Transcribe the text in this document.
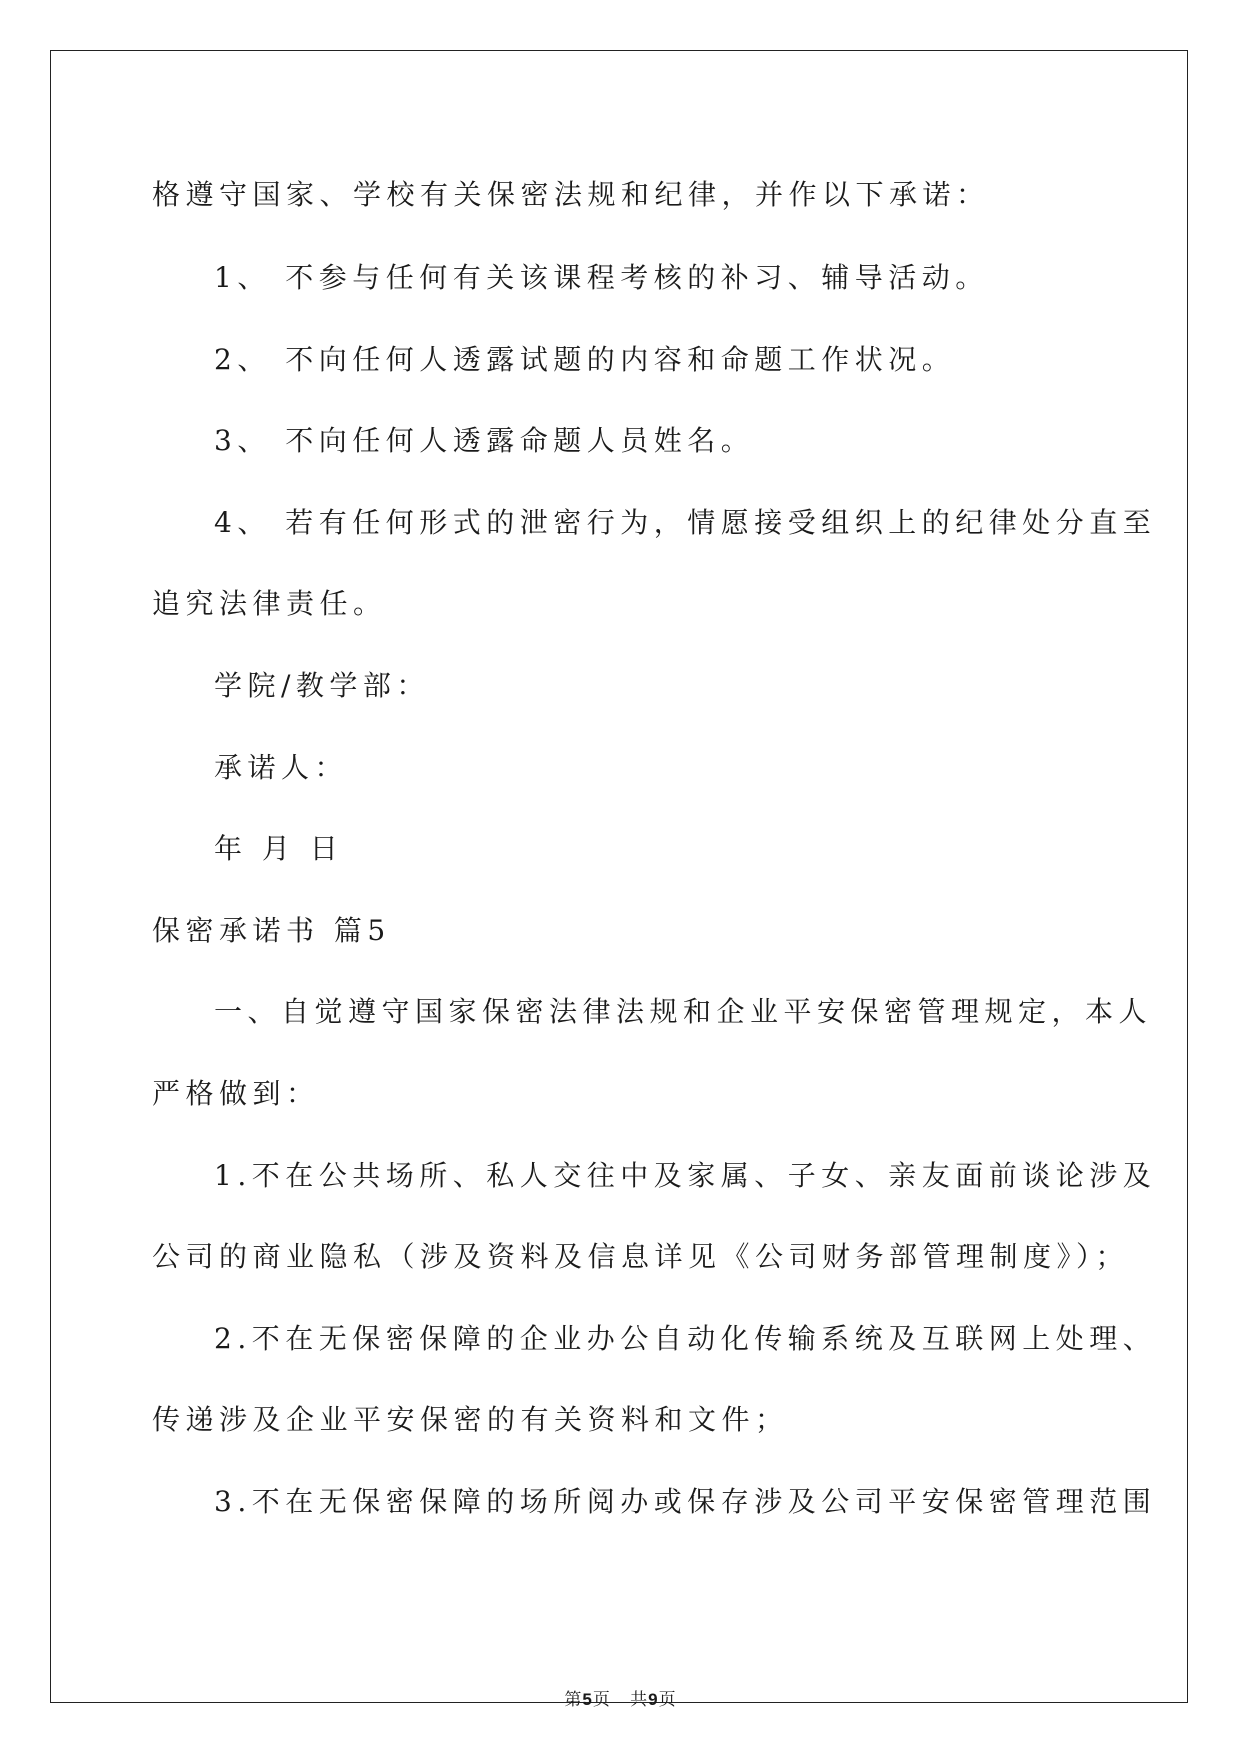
格遵守国家、学校有关保密法规和纪律，并作以下承诺：
1、 不参与任何有关该课程考核的补习、辅导活动。
2、 不向任何人透露试题的内容和命题工作状况。
3、 不向任何人透露命题人员姓名。
4、 若有任何形式的泄密行为，情愿接受组织上的纪律处分直至
追究法律责任。
学院/教学部：
承诺人：
年 月 日
保密承诺书 篇5
一、自觉遵守国家保密法律法规和企业平安保密管理规定，本人
严格做到：
1.不在公共场所、私人交往中及家属、子女、亲友面前谈论涉及
公司的商业隐私（涉及资料及信息详见《公司财务部管理制度》）；
2.不在无保密保障的企业办公自动化传输系统及互联网上处理、
传递涉及企业平安保密的有关资料和文件；
3.不在无保密保障的场所阅办或保存涉及公司平安保密管理范围
第5页   共9页
